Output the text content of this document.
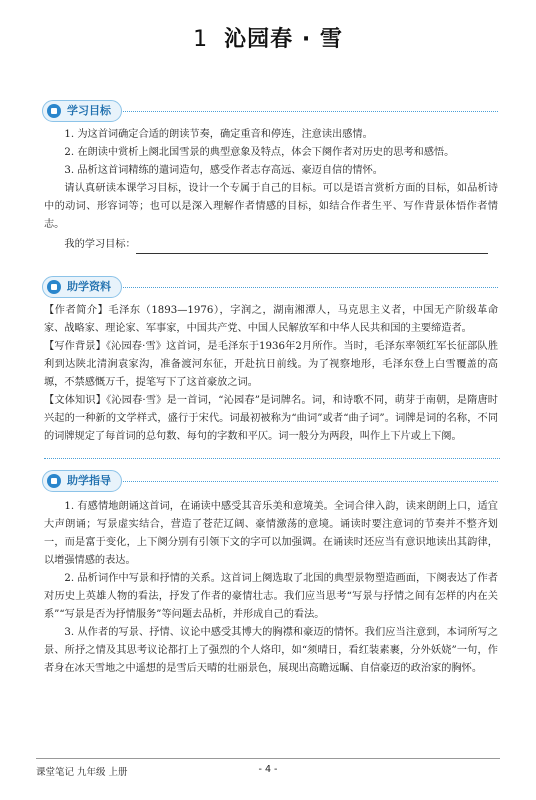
1 沁园春 · 雪
学习目标

1. 为这首词确定合适的朗读节奏，确定重音和停连，注意读出感情。

2. 在朗读中赏析上阕北国雪景的典型意象及特点，体会下阕作者对历史的思考和感悟。

3. 品析这首词精练的遣词造句，感受作者志存高远、豪迈自信的情怀。

请认真研读本课学习目标，设计一个专属于自己的目标。可以是语言赏析方面的目标，如品析诗中的动词、形容词等；也可以是深入理解作者情感的目标，如结合作者生平、写作背景体悟作者情志。

我的学习目标：

助学资料

【作者简介】毛泽东（1893—1976），字润之，湖南湘潭人，马克思主义者，中国无产阶级革命家、战略家、理论家、军事家，中国共产党、中国人民解放军和中华人民共和国的主要缔造者。

【写作背景】《沁园春·雪》这首词，是毛泽东于1936年2月所作。当时，毛泽东率领红军长征部队胜利到达陕北清涧袁家沟，准备渡河东征，开赴抗日前线。为了视察地形，毛泽东登上白雪覆盖的高塬，不禁感慨万千，提笔写下了这首豪放之词。

【文体知识】《沁园春·雪》是一首词，“沁园春”是词牌名。词，和诗歌不同，萌芽于南朝，是隋唐时兴起的一种新的文学样式，盛行于宋代。词最初被称为“曲词”或者“曲子词”。词牌是词的名称，不同的词牌规定了每首词的总句数、每句的字数和平仄。词一般分为两段，叫作上下片或上下阕。

助学指导

1. 有感情地朗诵这首词，在诵读中感受其音乐美和意境美。全词合律入韵，读来朗朗上口，适宜大声朗诵；写景虚实结合，营造了苍茫辽阔、豪情激荡的意境。诵读时要注意词的节奏并不整齐划一，而是富于变化，上下阕分别有引领下文的字可以加强调。在诵读时还应当有意识地读出其韵律，以增强情感的表达。

2. 品析词作中写景和抒情的关系。这首词上阕选取了北国的典型景物塑造画面，下阕表达了作者对历史上英雄人物的看法，抒发了作者的豪情壮志。我们应当思考“写景与抒情之间有怎样的内在关系”“写景是否为抒情服务”等问题去品析，并形成自己的看法。

3. 从作者的写景、抒情、议论中感受其博大的胸襟和豪迈的情怀。我们应当注意到，本词所写之景、所抒之情及其思考议论都打上了强烈的个人烙印，如“须晴日，看红装素裹，分外妖娆”一句，作者身在冰天雪地之中遥想的是雪后天晴的壮丽景色，展现出高瞻远瞩、自信豪迈的政治家的胸怀。

课堂笔记 九年级 上册	- 4 -
